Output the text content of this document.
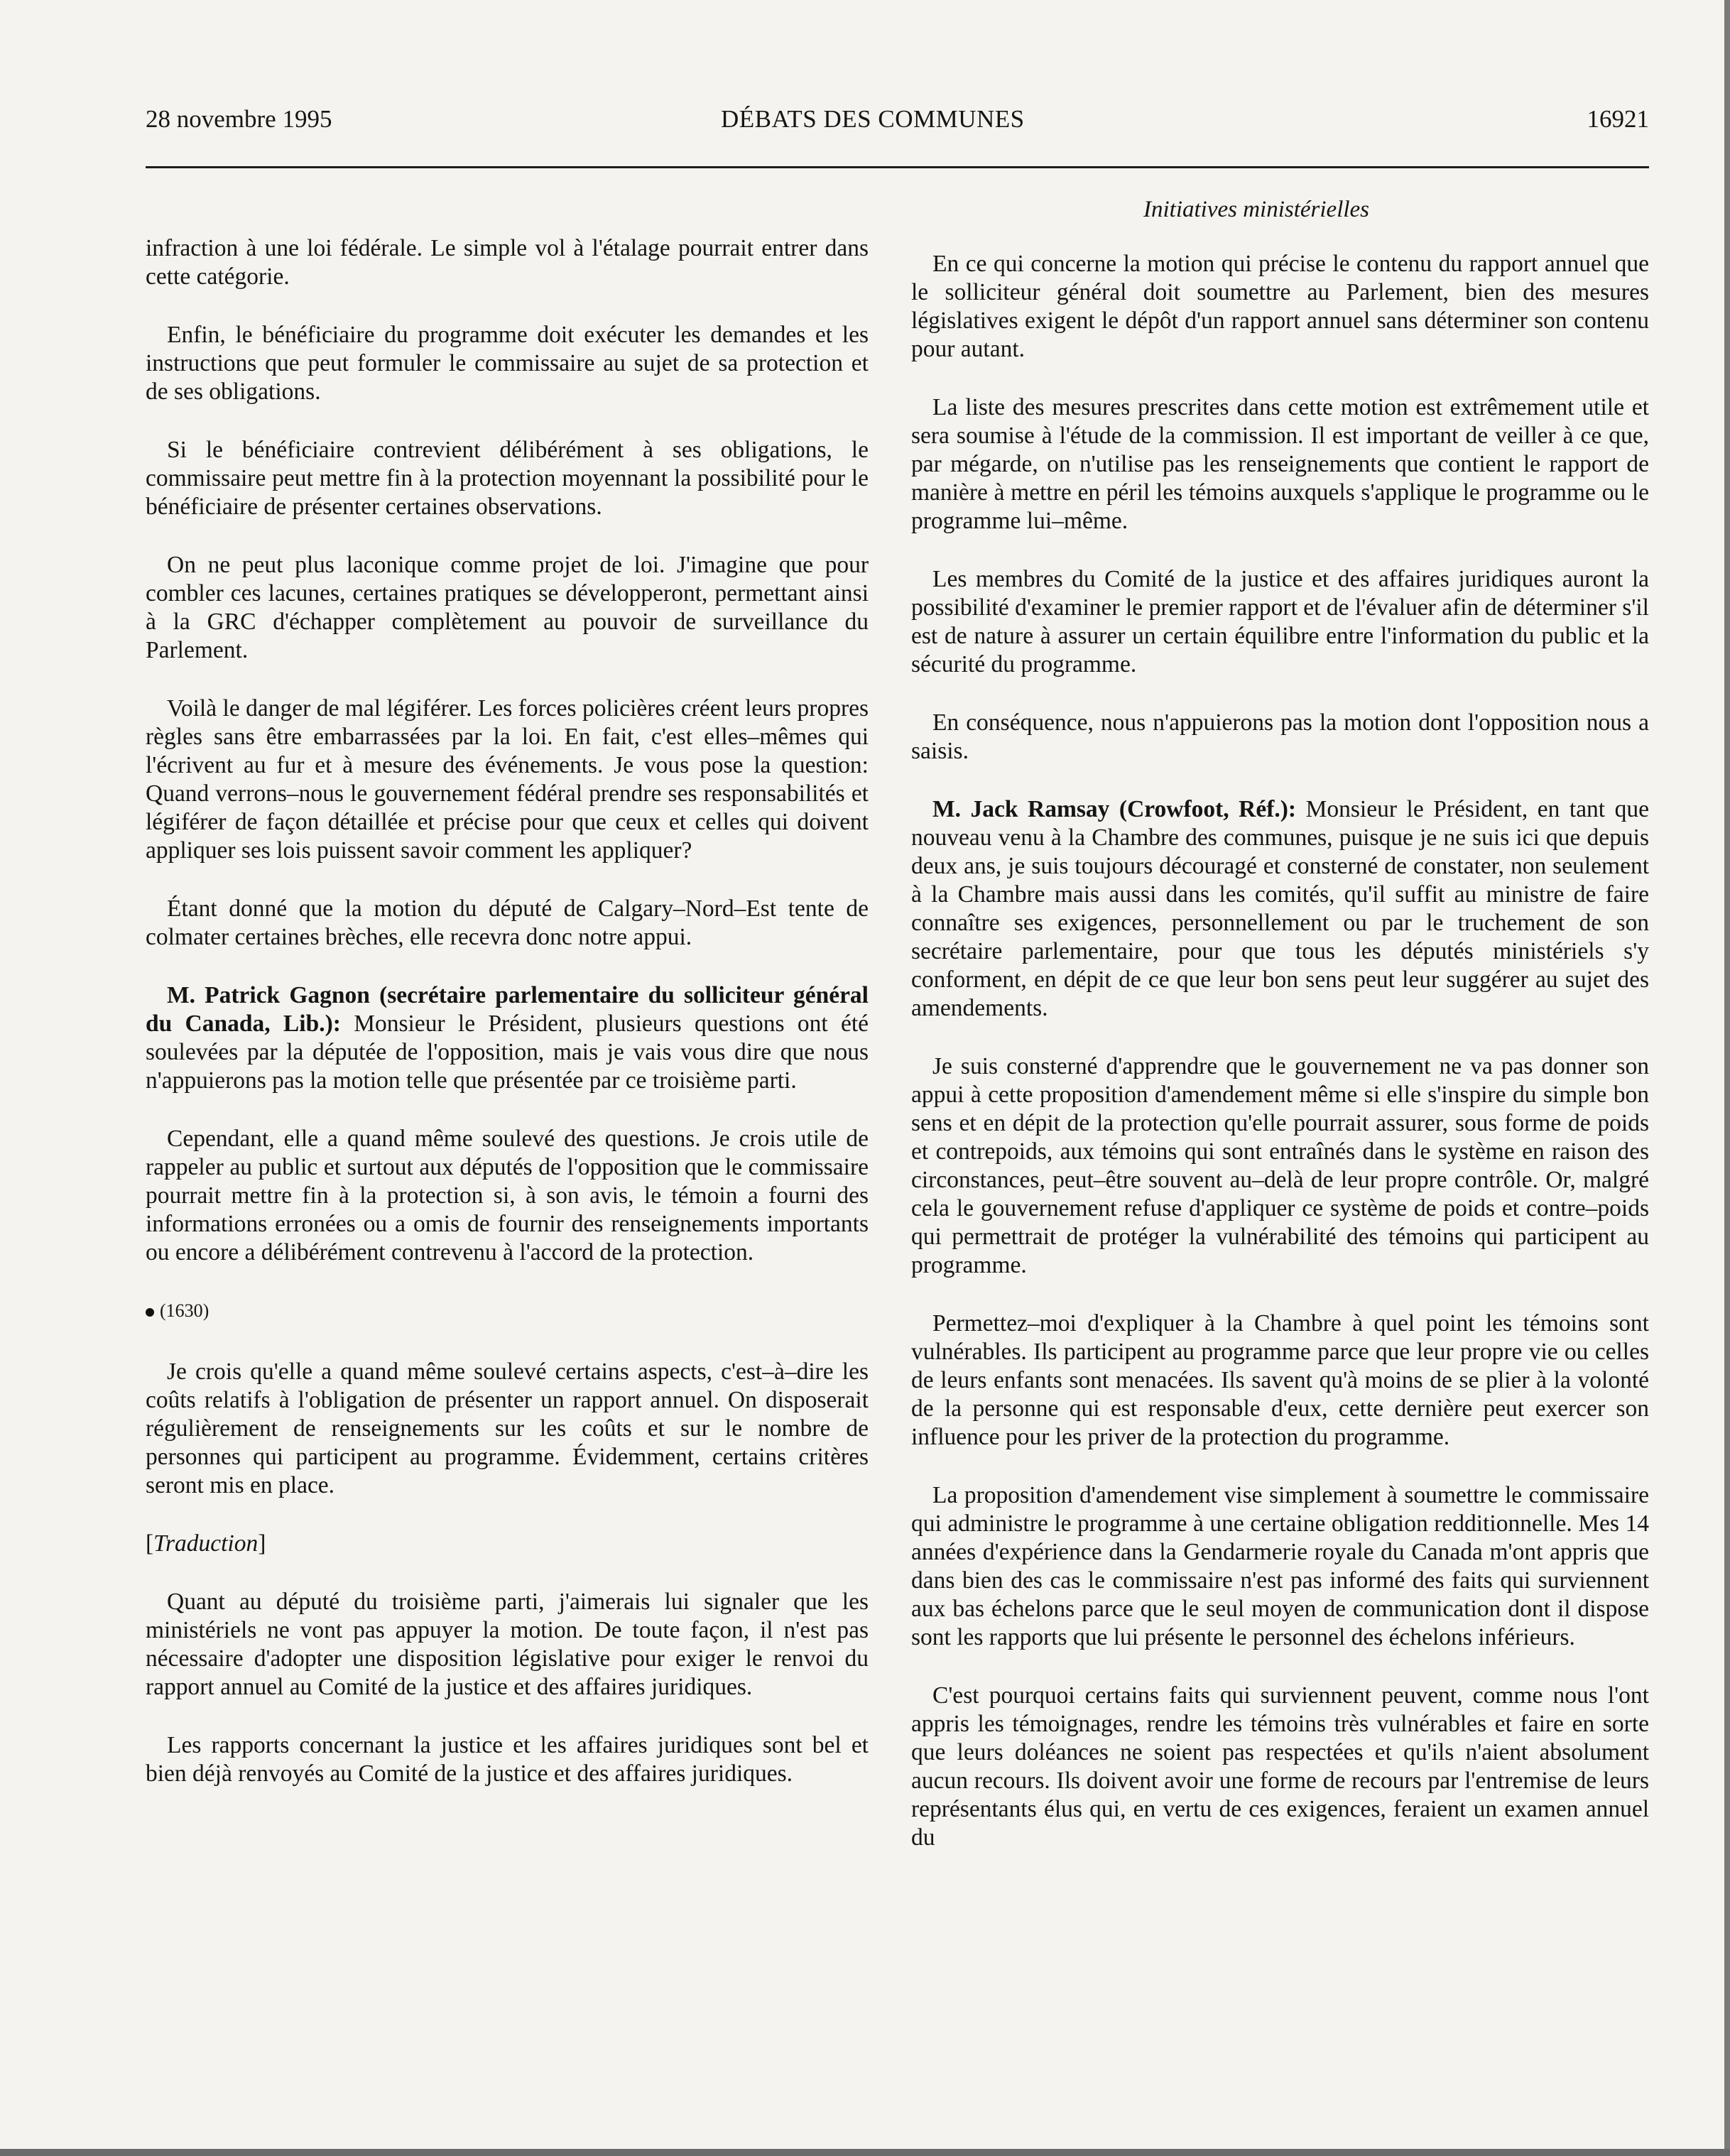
28 novembre 1995	DÉBATS DES COMMUNES	16921
Initiatives ministérielles

infraction à une loi fédérale. Le simple vol à l'étalage pourrait entrer dans cette catégorie.

Enfin, le bénéficiaire du programme doit exécuter les demandes et les instructions que peut formuler le commissaire au sujet de sa protection et de ses obligations.

Si le bénéficiaire contrevient délibérément à ses obligations, le commissaire peut mettre fin à la protection moyennant la possibilité pour le bénéficiaire de présenter certaines observations.

On ne peut plus laconique comme projet de loi. J'imagine que pour combler ces lacunes, certaines pratiques se développeront, permettant ainsi à la GRC d'échapper complètement au pouvoir de surveillance du Parlement.

Voilà le danger de mal légiférer. Les forces policières créent leurs propres règles sans être embarrassées par la loi. En fait, c'est elles–mêmes qui l'écrivent au fur et à mesure des événements. Je vous pose la question: Quand verrons–nous le gouvernement fédéral prendre ses responsabilités et légiférer de façon détaillée et précise pour que ceux et celles qui doivent appliquer ses lois puissent savoir comment les appliquer?

Étant donné que la motion du député de Calgary–Nord–Est tente de colmater certaines brèches, elle recevra donc notre appui.

M. Patrick Gagnon (secrétaire parlementaire du solliciteur général du Canada, Lib.): Monsieur le Président, plusieurs questions ont été soulevées par la députée de l'opposition, mais je vais vous dire que nous n'appuierons pas la motion telle que présentée par ce troisième parti.

Cependant, elle a quand même soulevé des questions. Je crois utile de rappeler au public et surtout aux députés de l'opposition que le commissaire pourrait mettre fin à la protection si, à son avis, le témoin a fourni des informations erronées ou a omis de fournir des renseignements importants ou encore a délibérément contrevenu à l'accord de la protection.

(1630)

Je crois qu'elle a quand même soulevé certains aspects, c'est–à–dire les coûts relatifs à l'obligation de présenter un rapport annuel. On disposerait régulièrement de renseignements sur les coûts et sur le nombre de personnes qui participent au programme. Évidemment, certains critères seront mis en place.

[Traduction]

Quant au député du troisième parti, j'aimerais lui signaler que les ministériels ne vont pas appuyer la motion. De toute façon, il n'est pas nécessaire d'adopter une disposition législative pour exiger le renvoi du rapport annuel au Comité de la justice et des affaires juridiques.

Les rapports concernant la justice et les affaires juridiques sont bel et bien déjà renvoyés au Comité de la justice et des affaires juridiques.

En ce qui concerne la motion qui précise le contenu du rapport annuel que le solliciteur général doit soumettre au Parlement, bien des mesures législatives exigent le dépôt d'un rapport annuel sans déterminer son contenu pour autant.

La liste des mesures prescrites dans cette motion est extrêmement utile et sera soumise à l'étude de la commission. Il est important de veiller à ce que, par mégarde, on n'utilise pas les renseignements que contient le rapport de manière à mettre en péril les témoins auxquels s'applique le programme ou le programme lui–même.

Les membres du Comité de la justice et des affaires juridiques auront la possibilité d'examiner le premier rapport et de l'évaluer afin de déterminer s'il est de nature à assurer un certain équilibre entre l'information du public et la sécurité du programme.

En conséquence, nous n'appuierons pas la motion dont l'opposition nous a saisis.

M. Jack Ramsay (Crowfoot, Réf.): Monsieur le Président, en tant que nouveau venu à la Chambre des communes, puisque je ne suis ici que depuis deux ans, je suis toujours découragé et consterné de constater, non seulement à la Chambre mais aussi dans les comités, qu'il suffit au ministre de faire connaître ses exigences, personnellement ou par le truchement de son secrétaire parlementaire, pour que tous les députés ministériels s'y conforment, en dépit de ce que leur bon sens peut leur suggérer au sujet des amendements.

Je suis consterné d'apprendre que le gouvernement ne va pas donner son appui à cette proposition d'amendement même si elle s'inspire du simple bon sens et en dépit de la protection qu'elle pourrait assurer, sous forme de poids et contrepoids, aux témoins qui sont entraînés dans le système en raison des circonstances, peut–être souvent au–delà de leur propre contrôle. Or, malgré cela le gouvernement refuse d'appliquer ce système de poids et contre–poids qui permettrait de protéger la vulnérabilité des témoins qui participent au programme.

Permettez–moi d'expliquer à la Chambre à quel point les témoins sont vulnérables. Ils participent au programme parce que leur propre vie ou celles de leurs enfants sont menacées. Ils savent qu'à moins de se plier à la volonté de la personne qui est responsable d'eux, cette dernière peut exercer son influence pour les priver de la protection du programme.

La proposition d'amendement vise simplement à soumettre le commissaire qui administre le programme à une certaine obligation redditionnelle. Mes 14 années d'expérience dans la Gendarmerie royale du Canada m'ont appris que dans bien des cas le commissaire n'est pas informé des faits qui surviennent aux bas échelons parce que le seul moyen de communication dont il dispose sont les rapports que lui présente le personnel des échelons inférieurs.

C'est pourquoi certains faits qui surviennent peuvent, comme nous l'ont appris les témoignages, rendre les témoins très vulnérables et faire en sorte que leurs doléances ne soient pas respectées et qu'ils n'aient absolument aucun recours. Ils doivent avoir une forme de recours par l'entremise de leurs représentants élus qui, en vertu de ces exigences, feraient un examen annuel du
